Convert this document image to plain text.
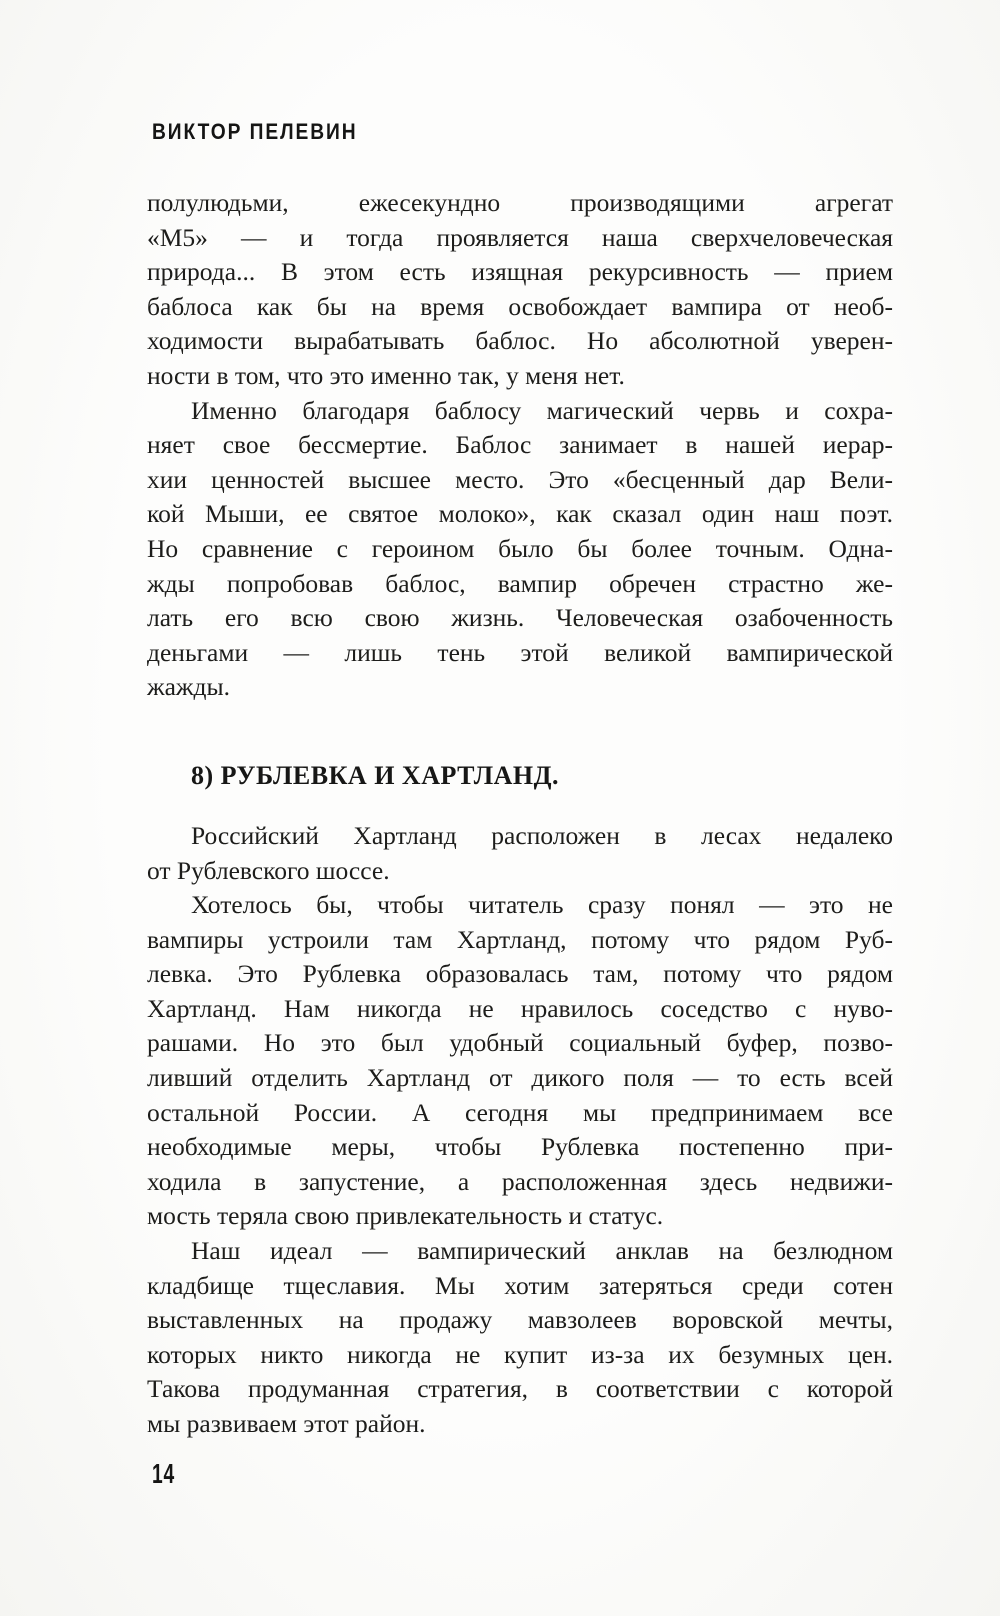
ВИКТОР ПЕЛЕВИН
полулюдьми, ежесекундно производящими агрегат
«М5» — и тогда проявляется наша сверхчеловеческая
природа... В этом есть изящная рекурсивность — прием
баблоса как бы на время освобождает вампира от необ-
ходимости вырабатывать баблос. Но абсолютной уверен-
ности в том, что это именно так, у меня нет.
Именно благодаря баблосу магический червь и сохра-
няет свое бессмертие. Баблос занимает в нашей иерар-
хии ценностей высшее место. Это «бесценный дар Вели-
кой Мыши, ее святое молоко», как сказал один наш поэт.
Но сравнение с героином было бы более точным. Одна-
жды попробовав баблос, вампир обречен страстно же-
лать его всю свою жизнь. Человеческая озабоченность
деньгами — лишь тень этой великой вампирической
жажды.
8) РУБЛЕВКА И ХАРТЛАНД.
Российский Хартланд расположен в лесах недалеко
от Рублевского шоссе.
Хотелось бы, чтобы читатель сразу понял — это не
вампиры устроили там Хартланд, потому что рядом Руб-
левка. Это Рублевка образовалась там, потому что рядом
Хартланд. Нам никогда не нравилось соседство с нуво-
рашами. Но это был удобный социальный буфер, позво-
ливший отделить Хартланд от дикого поля — то есть всей
остальной России. А сегодня мы предпринимаем все
необходимые меры, чтобы Рублевка постепенно при-
ходила в запустение, а расположенная здесь недвижи-
мость теряла свою привлекательность и статус.
Наш идеал — вампирический анклав на безлюдном
кладбище тщеславия. Мы хотим затеряться среди сотен
выставленных на продажу мавзолеев воровской мечты,
которых никто никогда не купит из-за их безумных цен.
Такова продуманная стратегия, в соответствии с которой
мы развиваем этот район.
14
